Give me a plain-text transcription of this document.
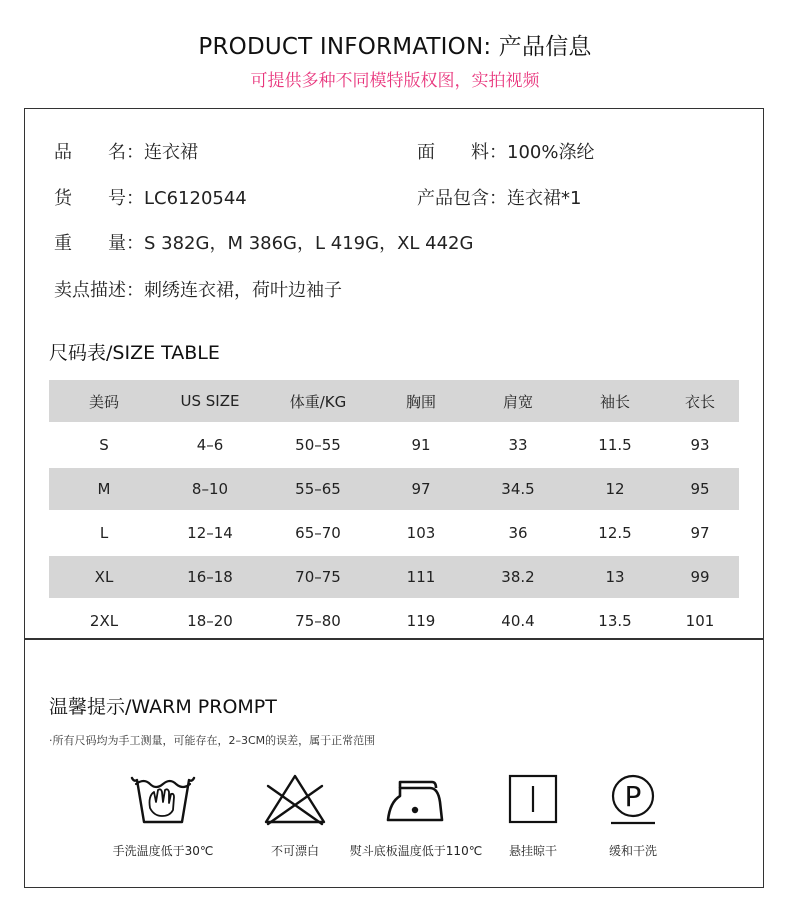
PRODUCT INFORMATION: 产品信息
可提供多种不同模特版权图，实拍视频
品　　名：连衣裙	面　　料：100%涤纶
货　　号：LC6120544	产品包含：连衣裙*1
重　　量：S 382G，M 386G，L 419G，XL 442G
卖点描述：刺绣连衣裙，荷叶边袖子
尺码表/SIZE TABLE
美码	US SIZE	体重/KG	胸围	肩宽	袖长	衣长
S	4–6	50–55	91	33	11.5	93
M	8–10	55–65	97	34.5	12	95
L	12–14	65–70	103	36	12.5	97
XL	16–18	70–75	111	38.2	13	99
2XL	18–20	75–80	119	40.4	13.5	101
温馨提示/WARM PROMPT
·所有尺码均为手工测量，可能存在，2–3CM的误差，属于正常范围
手洗温度低于30℃	不可漂白	熨斗底板温度低于110℃	悬挂晾干
P
缓和干洗
